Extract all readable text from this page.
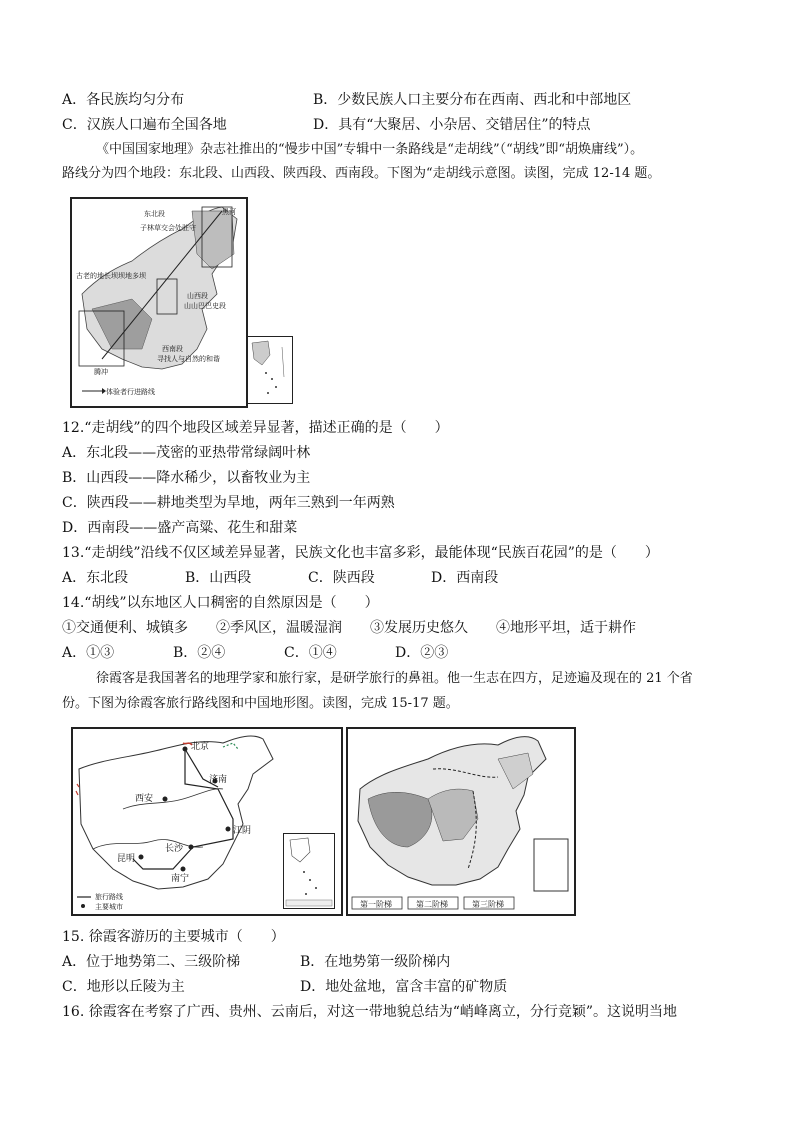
A．各民族均匀分布	B．少数民族人口主要分布在西南、西北和中部地区
C．汉族人口遍布全国各地	D．具有“大聚居、小杂居、交错居住”的特点
《中国国家地理》杂志社推出的“慢步中国”专辑中一条路线是“走胡线”（“胡线”即“胡焕庸线”）。
路线分为四个地段：东北段、山西段、陕西段、西南段。下图为“走胡线示意图。读图，完成 12-14 题。
东北段	黑河
子林草交会处驻守
古老的地长坝坝地多坝
山西段
山山巴巴史段
西南段
寻找人与自然的和谐
腾冲
体验者行进路线
12.“走胡线”的四个地段区域差异显著，描述正确的是（　　）
A．东北段——茂密的亚热带常绿阔叶林
B．山西段——降水稀少，以畜牧业为主
C．陕西段——耕地类型为旱地，两年三熟到一年两熟
D．西南段——盛产高粱、花生和甜菜
13.“走胡线”沿线不仅区域差异显著，民族文化也丰富多彩，最能体现“民族百花园”的是（　　）
A．东北段	B．山西段	C．陕西段	D．西南段
14.“胡线”以东地区人口稠密的自然原因是（　　）
①交通便利、城镇多　　②季风区，温暖湿润　　③发展历史悠久　　④地形平坦，适于耕作
A．①③	B．②④	C．①④	D．②③
徐霞客是我国著名的地理学家和旅行家，是研学旅行的鼻祖。他一生志在四方，足迹遍及现在的 21 个省
份。下图为徐霞客旅行路线图和中国地形图。读图，完成 15-17 题。
北京
济南
西安
江阴
长沙
昆明
南宁
旅行路线
主要城市	第一阶梯	第二阶梯	第三阶梯
15. 徐霞客游历的主要城市（　　）
A．位于地势第二、三级阶梯	B．在地势第一级阶梯内
C．地形以丘陵为主	D．地处盆地，富含丰富的矿物质
16. 徐霞客在考察了广西、贵州、云南后，对这一带地貌总结为“峭峰离立，分行竞颖”。这说明当地
